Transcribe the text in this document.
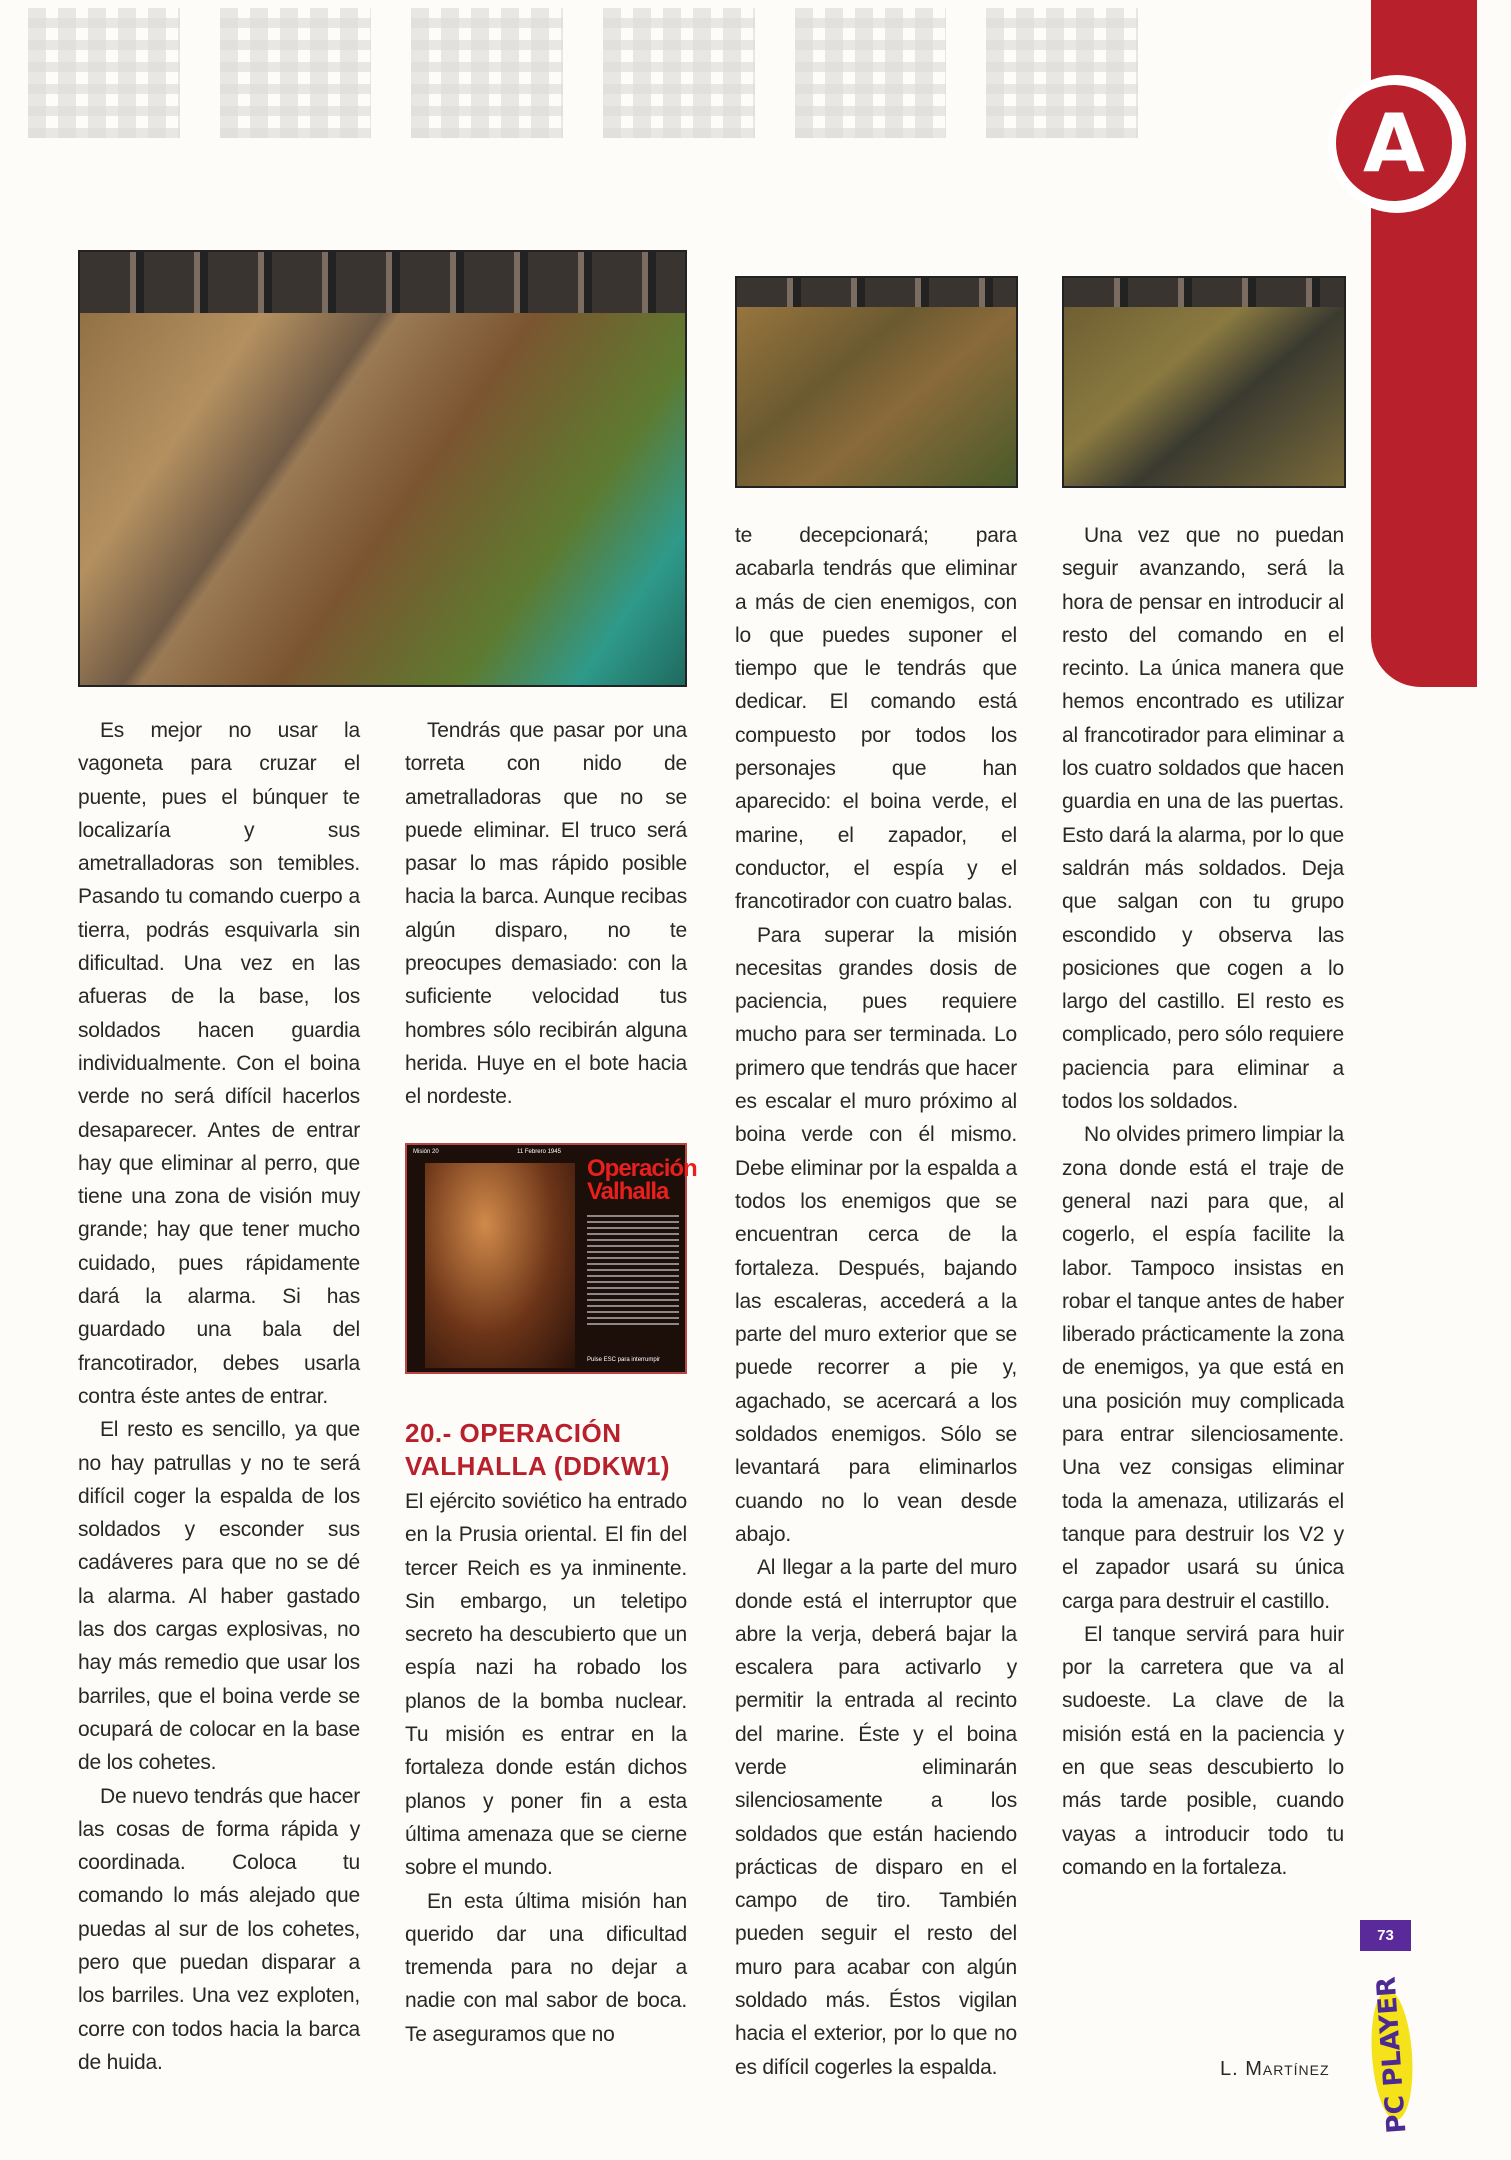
A

Es mejor no usar la vagoneta para cruzar el puente, pues el búnquer te localizaría y sus ametralladoras son temibles. Pasando tu comando cuerpo a tierra, podrás esquivarla sin dificultad. Una vez en las afueras de la base, los soldados hacen guardia individualmente. Con el boina verde no será difícil hacerlos desaparecer. Antes de entrar hay que eliminar al perro, que tiene una zona de visión muy grande; hay que tener mucho cuidado, pues rápidamente dará la alarma. Si has guardado una bala del francotirador, debes usarla contra éste antes de entrar.

El resto es sencillo, ya que no hay patrullas y no te será difícil coger la espalda de los soldados y esconder sus cadáveres para que no se dé la alarma. Al haber gastado las dos cargas explosivas, no hay más remedio que usar los barriles, que el boina verde se ocupará de colocar en la base de los cohetes.

De nuevo tendrás que hacer las cosas de forma rápida y coordinada. Coloca tu comando lo más alejado que puedas al sur de los cohetes, pero que puedan disparar a los barriles. Una vez exploten, corre con todos hacia la barca de huida.

Tendrás que pasar por una torreta con nido de ametralladoras que no se puede eliminar. El truco será pasar lo mas rápido posible hacia la barca. Aunque recibas algún disparo, no te preocupes demasiado: con la suficiente velocidad tus hombres sólo recibirán alguna herida. Huye en el bote hacia el nordeste.

Misión 20	11 Febrero 1945
Operación Valhalla
Pulse ESC para interrumpir
20.- OPERACIÓN VALHALLA (DDKW1)

El ejército soviético ha entrado en la Prusia oriental. El fin del tercer Reich es ya inminente. Sin embargo, un teletipo secreto ha descubierto que un espía nazi ha robado los planos de la bomba nuclear. Tu misión es entrar en la fortaleza donde están dichos planos y poner fin a esta última amenaza que se cierne sobre el mundo.

En esta última misión han querido dar una dificultad tremenda para no dejar a nadie con mal sabor de boca. Te aseguramos que no

te decepcionará; para acabarla tendrás que eliminar a más de cien enemigos, con lo que puedes suponer el tiempo que le tendrás que dedicar. El comando está compuesto por todos los personajes que han aparecido: el boina verde, el marine, el zapador, el conductor, el espía y el francotirador con cuatro balas.

Para superar la misión necesitas grandes dosis de paciencia, pues requiere mucho para ser terminada. Lo primero que tendrás que hacer es escalar el muro próximo al boina verde con él mismo. Debe eliminar por la espalda a todos los enemigos que se encuentran cerca de la fortaleza. Después, bajando las escaleras, accederá a la parte del muro exterior que se puede recorrer a pie y, agachado, se acercará a los soldados enemigos. Sólo se levantará para eliminarlos cuando no lo vean desde abajo.

Al llegar a la parte del muro donde está el interruptor que abre la verja, deberá bajar la escalera para activarlo y permitir la entrada al recinto del marine. Éste y el boina verde eliminarán silenciosamente a los soldados que están haciendo prácticas de disparo en el campo de tiro. También pueden seguir el resto del muro para acabar con algún soldado más. Éstos vigilan hacia el exterior, por lo que no es difícil cogerles la espalda.

Una vez que no puedan seguir avanzando, será la hora de pensar en introducir al resto del comando en el recinto. La única manera que hemos encontrado es utilizar al francotirador para eliminar a los cuatro soldados que hacen guardia en una de las puertas. Esto dará la alarma, por lo que saldrán más soldados. Deja que salgan con tu grupo escondido y observa las posiciones que cogen a lo largo del castillo. El resto es complicado, pero sólo requiere paciencia para eliminar a todos los soldados.

No olvides primero limpiar la zona donde está el traje de general nazi para que, al cogerlo, el espía facilite la labor. Tampoco insistas en robar el tanque antes de haber liberado prácticamente la zona de enemigos, ya que está en una posición muy complicada para entrar silenciosamente. Una vez consigas eliminar toda la amenaza, utilizarás el tanque para destruir los V2 y el zapador usará su única carga para destruir el castillo.

El tanque servirá para huir por la carretera que va al sudoeste. La clave de la misión está en la paciencia y en que seas descubierto lo más tarde posible, cuando vayas a introducir todo tu comando en la fortaleza.

L. Martínez
73
PC PLAYER
